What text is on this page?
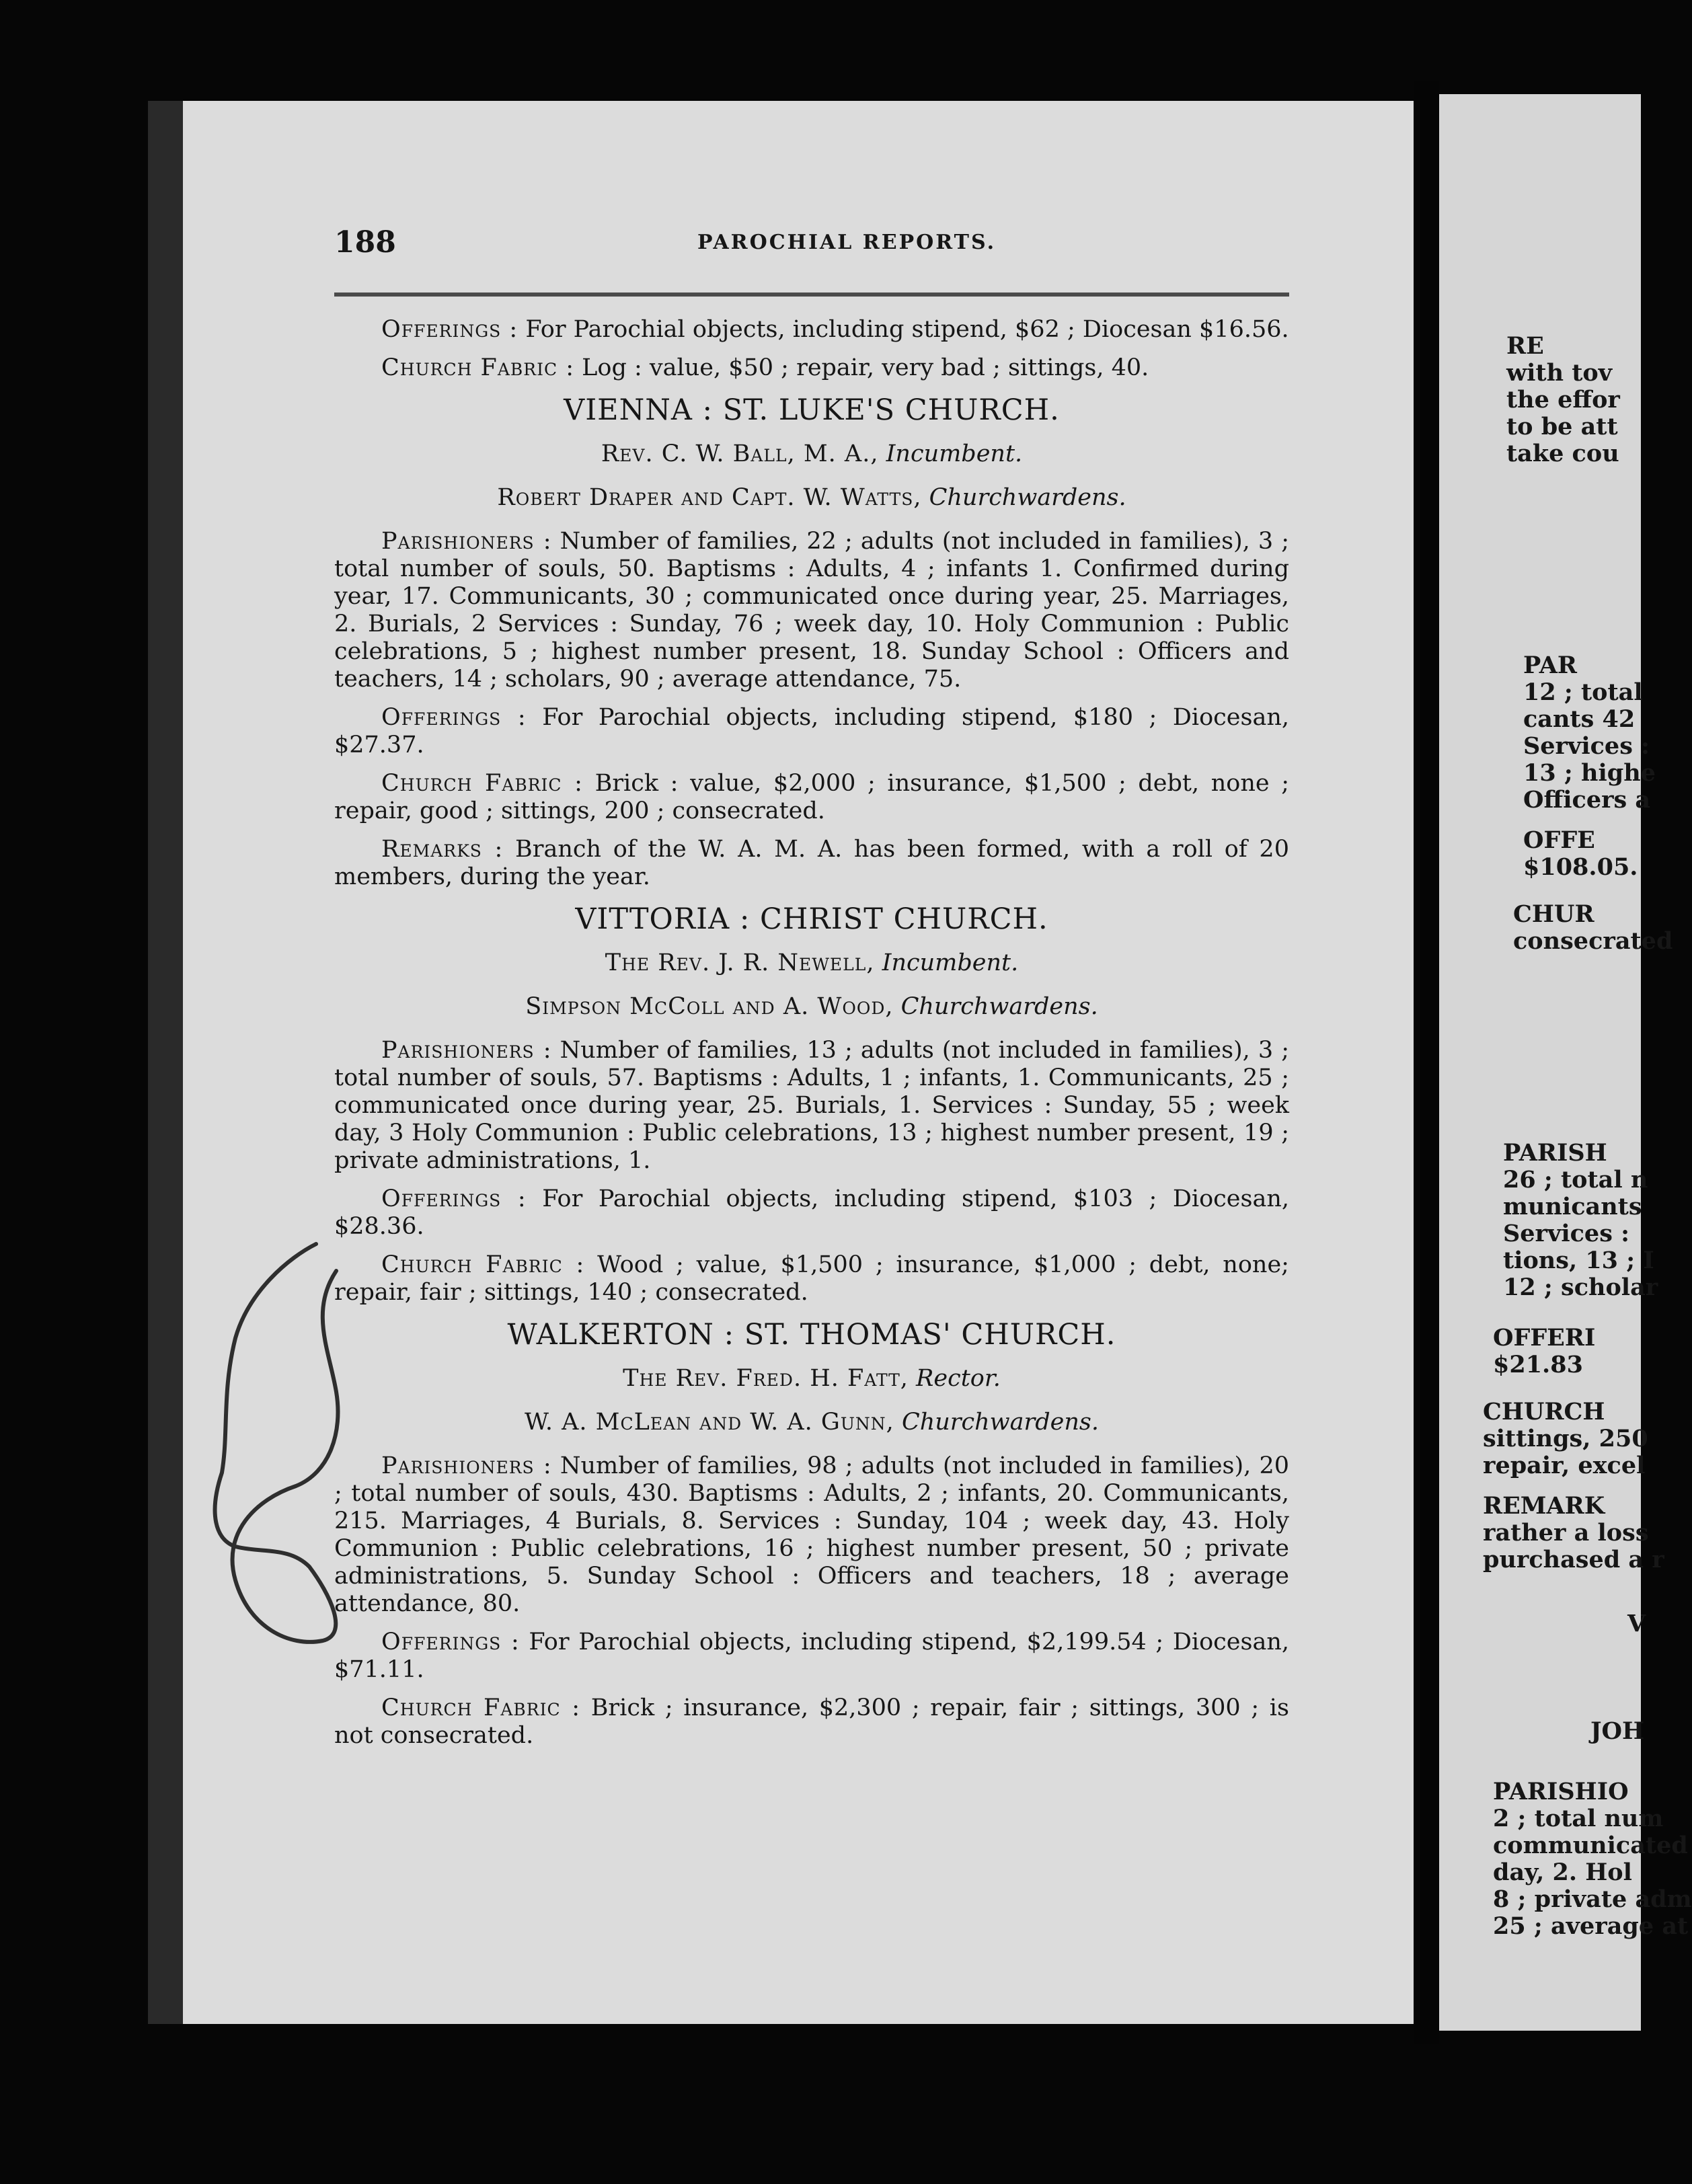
188	PAROCHIAL REPORTS.

Offerings : For Parochial objects, including stipend, $62 ; Diocesan $16.56.

Church Fabric : Log : value, $50 ; repair, very bad ; sittings, 40.

VIENNA : ST. LUKE'S CHURCH.
Rev. C. W. Ball, M. A., Incumbent.
Robert Draper and Capt. W. Watts, Churchwardens.

Parishioners : Number of families, 22 ; adults (not included in families), 3 ; total number of souls, 50. Baptisms : Adults, 4 ; infants 1. Confirmed during year, 17. Communicants, 30 ; communicated once during year, 25. Marriages, 2. Burials, 2 Services : Sunday, 76 ; week day, 10. Holy Communion : Public celebrations, 5 ; highest number present, 18. Sunday School : Officers and teachers, 14 ; scholars, 90 ; average attendance, 75.

Offerings : For Parochial objects, including stipend, $180 ; Diocesan, $27.37.

Church Fabric : Brick : value, $2,000 ; insurance, $1,500 ; debt, none ; repair, good ; sittings, 200 ; consecrated.

Remarks : Branch of the W. A. M. A. has been formed, with a roll of 20 members, during the year.

VITTORIA : CHRIST CHURCH.
The Rev. J. R. Newell, Incumbent.
Simpson McColl and A. Wood, Churchwardens.

Parishioners : Number of families, 13 ; adults (not included in families), 3 ; total number of souls, 57. Baptisms : Adults, 1 ; infants, 1. Communicants, 25 ; communicated once during year, 25. Burials, 1. Services : Sunday, 55 ; week day, 3 Holy Communion : Public celebrations, 13 ; highest number present, 19 ; private administrations, 1.

Offerings : For Parochial objects, including stipend, $103 ; Diocesan, $28.36.

Church Fabric : Wood ; value, $1,500 ; insurance, $1,000 ; debt, none; repair, fair ; sittings, 140 ; consecrated.

WALKERTON : ST. THOMAS' CHURCH.
The Rev. Fred. H. Fatt, Rector.
W. A. McLean and W. A. Gunn, Churchwardens.

Parishioners : Number of families, 98 ; adults (not included in families), 20 ; total number of souls, 430. Baptisms : Adults, 2 ; infants, 20. Communicants, 215. Marriages, 4 Burials, 8. Services : Sunday, 104 ; week day, 43. Holy Communion : Public celebrations, 16 ; highest number present, 50 ; private administrations, 5. Sunday School : Officers and teachers, 18 ; average attendance, 80.

Offerings : For Parochial objects, including stipend, $2,199.54 ; Diocesan, $71.11.

Church Fabric : Brick ; insurance, $2,300 ; repair, fair ; sittings, 300 ; is not consecrated.

RE
with tov
the effor
to be att
take cou
PAR
12 ; total
cants 42
Services :
13 ; highe
Officers a
OFFE
$108.05.
CHUR
consecrated
PARISH
26 ; total n
municants
Services :
tions, 13 ; I
12 ; scholar
OFFERI
$21.83
CHURCH
sittings, 250
repair, excel
REMARK
rather a loss
purchased a r
V
JOH
PARISHIO
2 ; total num
communicated
day, 2. Hol
8 ; private adm
25 ; average at
